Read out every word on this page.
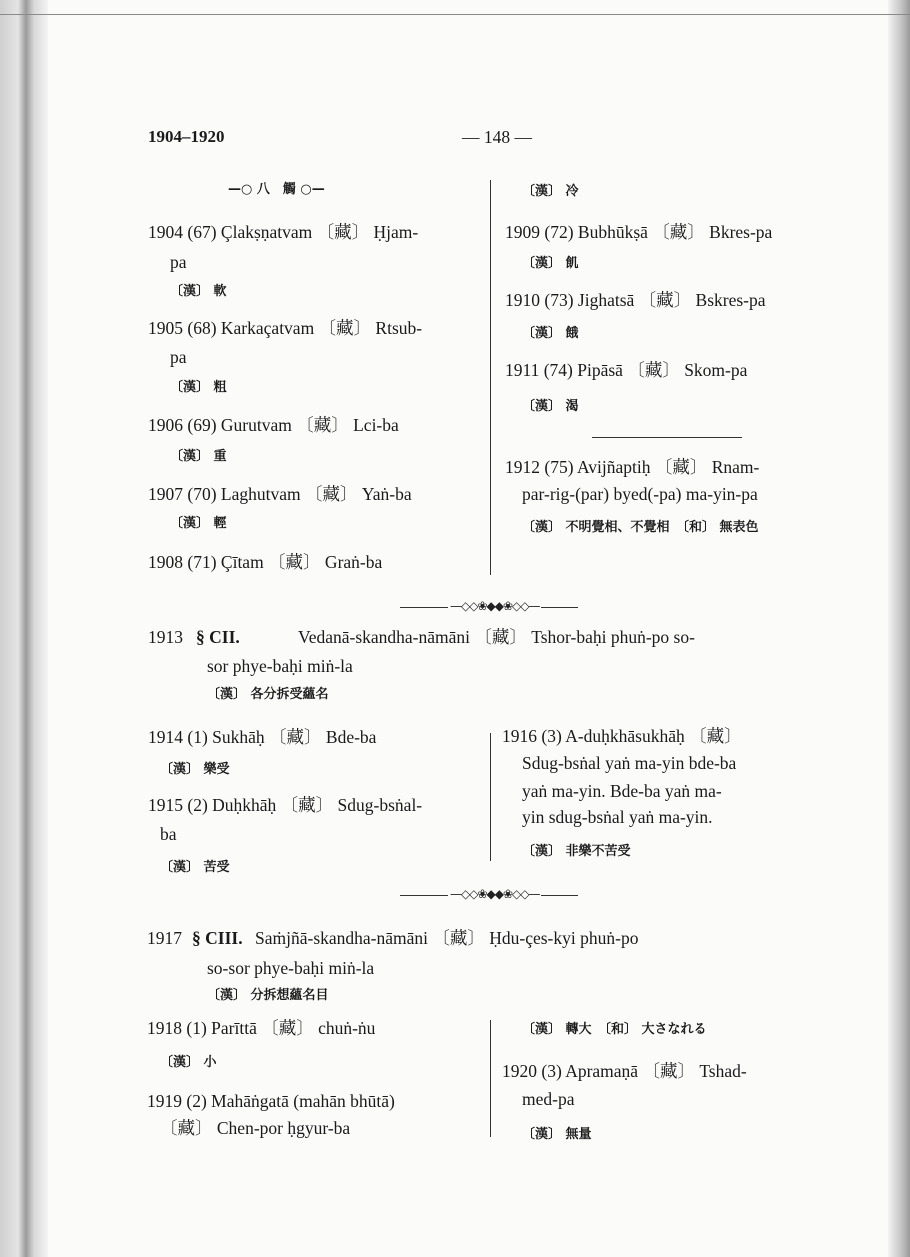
1904–1920	— 148 —
—○ 八　觸 ○—
1904 (67) Çlakṣṇatvam 〔藏〕 Ḥjam-
pa
〔漢〕 軟
1905 (68) Karkaçatvam 〔藏〕 Rtsub-
pa
〔漢〕 粗
1906 (69) Gurutvam 〔藏〕 Lci-ba
〔漢〕 重
1907 (70) Laghutvam 〔藏〕 Yaṅ-ba
〔漢〕 輕
1908 (71) Çītam 〔藏〕 Graṅ-ba
〔漢〕 冷
1909 (72) Bubhūkṣā 〔藏〕 Bkres-pa
〔漢〕 飢
1910 (73) Jighatsā 〔藏〕 Bskres-pa
〔漢〕 餓
1911 (74) Pipāsā 〔藏〕 Skom-pa
〔漢〕 渴
1912 (75) Avijñaptiḥ 〔藏〕 Rnam-
par-rig-(par) byed(-pa) ma-yin-pa
〔漢〕 不明覺相、不覺相　〔和〕 無表色
—◇◇❀◆◆❀◇◇—
1913 § CII.	Vedanā-skandha-nāmāni 〔藏〕 Tshor-baḥi phuṅ-po so-
sor phye-baḥi miṅ-la
〔漢〕 各分拆受蘊名
1914 (1) Sukhāḥ 〔藏〕 Bde-ba
〔漢〕 樂受
1915 (2) Duḥkhāḥ 〔藏〕 Sdug-bsṅal-
ba
〔漢〕 苦受
1916 (3) A-duḥkhāsukhāḥ 〔藏〕
Sdug-bsṅal yaṅ ma-yin bde-ba
yaṅ ma-yin. Bde-ba yaṅ ma-
yin sdug-bsṅal yaṅ ma-yin.
〔漢〕 非樂不苦受
—◇◇❀◆◆❀◇◇—
1917 § CIII. Saṁjñā-skandha-nāmāni 〔藏〕 Ḥdu-çes-kyi phuṅ-po
so-sor phye-baḥi miṅ-la
〔漢〕 分拆想蘊名目
1918 (1) Parīttā 〔藏〕 chuṅ-ṅu
〔漢〕 小
1919 (2) Mahāṅgatā (mahān bhūtā)
〔藏〕 Chen-por ḥgyur-ba
〔漢〕 轉大　〔和〕 大さなれる
1920 (3) Apramaṇā 〔藏〕 Tshad-
med-pa
〔漢〕 無量
